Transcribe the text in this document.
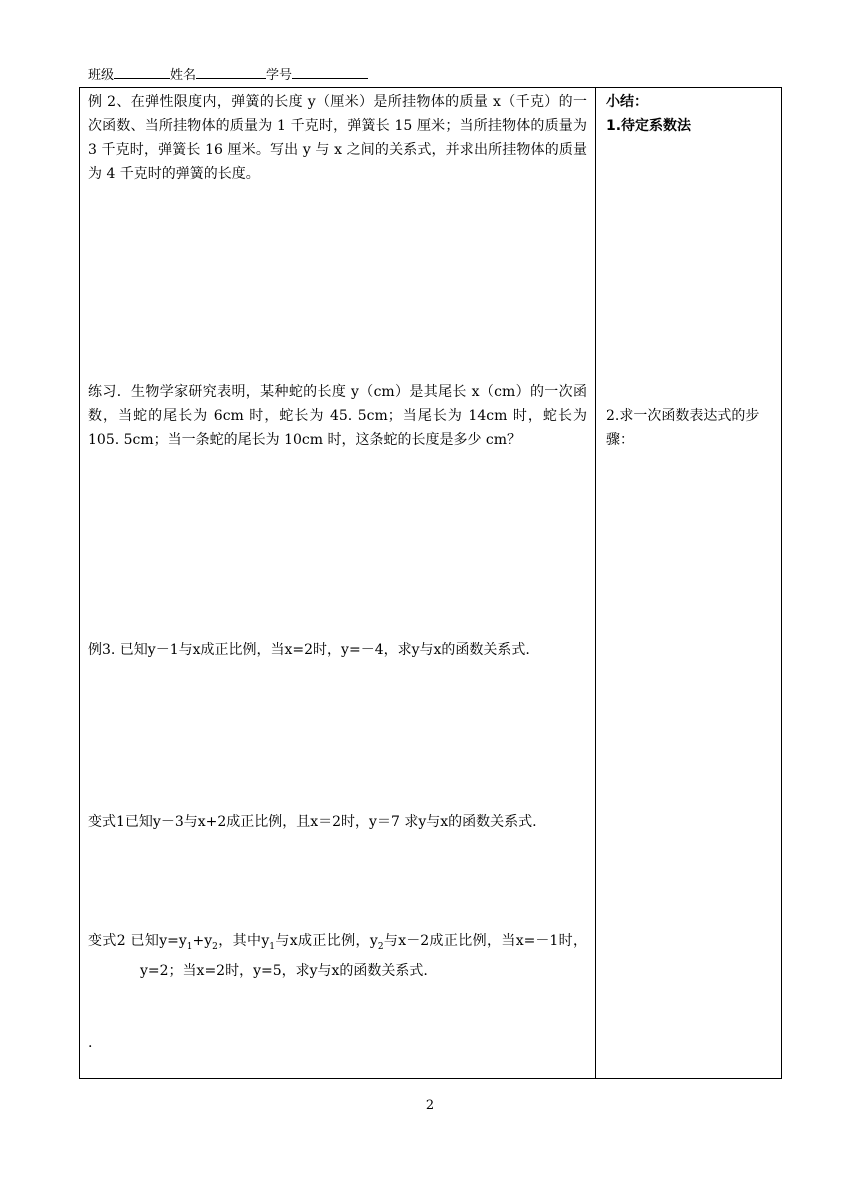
班级	姓名	学号
例 2、在弹性限度内，弹簧的长度 y（厘米）是所挂物体的质量 x（千克）的一次函数、当所挂物体的质量为 1 千克时，弹簧长 15 厘米；当所挂物体的质量为 3 千克时，弹簧长 16 厘米。写出 y 与 x 之间的关系式，并求出所挂物体的质量为 4 千克时的弹簧的长度。
练习．生物学家研究表明，某种蛇的长度 y（cm）是其尾长 x（cm）的一次函数，当蛇的尾长为 6cm 时，蛇长为 45. 5cm；当尾长为 14cm 时，蛇长为 105. 5cm；当一条蛇的尾长为 10cm 时，这条蛇的长度是多少 cm？
例3. 已知y－1与x成正比例，当x=2时，y=－4，求y与x的函数关系式.
变式1已知y－3与x+2成正比例，且x＝2时，y＝7 求y与x的函数关系式.
变式2 已知$y=y_1+y_2$，其中$y_1$与x成正比例，$y_2$与x－2成正比例，当x=－1时，y=2；当x=2时，y=5，求y与x的函数关系式.
.

小结：
1.待定系数法
2.求一次函数表达式的步骤：
2
